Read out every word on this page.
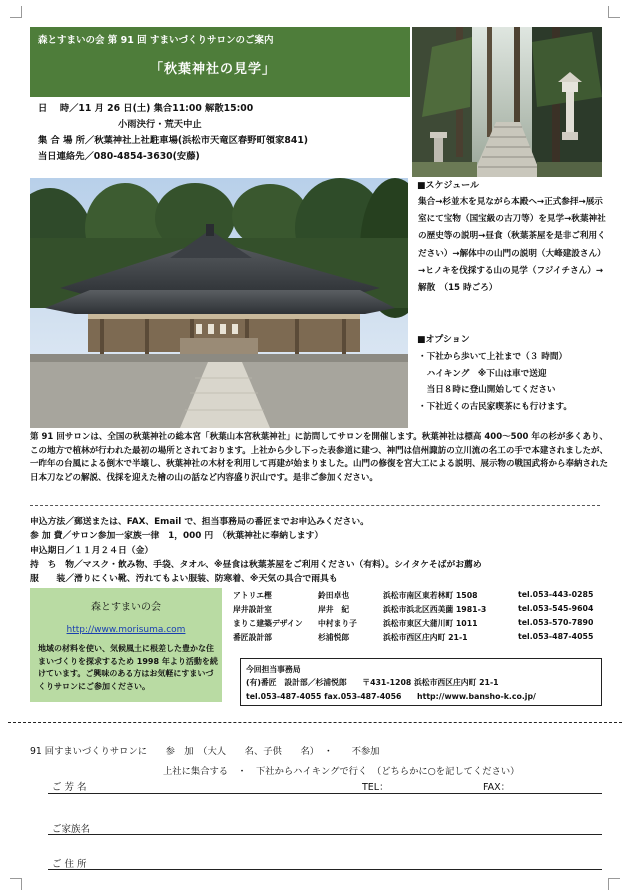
森とすまいの会 第 91 回 すまいづくりサロンのご案内
「秋葉神社の見学」
日　 時／11 月 26 日(土) 集合11:00 解散15:00
小雨決行・荒天中止
集 合 場 所／秋葉神社上社駐車場(浜松市天竜区春野町領家841)
当日連絡先／080-4854-3630(安藤)
■スケジュール
集合→杉並木を見ながら本殿へ→正式参拝→展示室にて宝物（国宝級の古刀等）を見学→秋葉神社の歴史等の説明→昼食（秋葉茶屋を是非ご利用ください）→解体中の山門の説明（大峰建設さん）→ヒノキを伐採する山の見学（フジイチさん）→解散　（15 時ごろ）
■オプション
・下社から歩いて上社まで（３ 時間）
　ハイキング　※下山は車で送迎
　当日８時に登山開始してください
・下社近くの古民家喫茶にも行けます。
第 91 回サロンは、全国の秋葉神社の総本宮「秋葉山本宮秋葉神社」に訪問してサロンを開催します。秋葉神社は標高 400～500 年の杉が多くあり、この地方で植林が行われた最初の場所とされております。上社から少し下った表参道に建つ、神門は信州諏訪の立川流の名工の手で本建されましたが、一昨年の台風による倒木で半壊し、秋葉神社の木材を利用して再建が始まりました。山門の修復を宮大工による説明、展示物の戦国武将から奉納された日本刀などの解説、伐採を迎えた檜の山の話など内容盛り沢山です。是非ご参加ください。
申込方法／郵送または、FAX、Email で、担当事務局の番匠までお申込みください。
参 加 費／サロン参加一家族一律　1，000 円　（秋葉神社に奉納します）
申込期日／１１月２４日（金）
持　ち　物／マスク・飲み物、手袋、タオル、※昼食は秋葉茶屋をご利用ください（有料）。シイタケそばがお薦め
服　　装／滑りにくい靴、汚れてもよい服装、防寒着、※天気の具合で雨具も
森とすまいの会
http://www.morisuma.com
地域の材料を使い、気候風土に根差した豊かな住まいづくりを探求するため 1998 年より活動を続けています。ご興味のある方はお気軽にすまいづくりサロンにご参加ください。
アトリエ樫	鈴田卓也	浜松市南区東若林町 1508	tel.053-443-0285
岸井設計室	岸井　紀	浜松市浜北区西美薗 1981-3	tel.053-545-9604
まりこ建築デザイン 中村まり子	浜松市東区大蒲川町 1011	tel.053-570-7890
番匠設計部	杉浦悦郎	浜松市西区庄内町 21-1	tel.053-487-4055
今回担当事務局
(有)番匠　設計部／杉浦悦郎　　〒431-1208 浜松市西区庄内町 21-1
tel.053-487-4055 fax.053-487-4056　　http://www.bansho-k.co.jp/
91 回すまいづくりサロンに　　参　加　（大人　　名、子供　　名）　・　　不参加
上社に集合する　・　下社からハイキングで行く　（どちらかに○を記してください）
ご 芳 名	TEL：	FAX：
ご家族名
ご 住 所
